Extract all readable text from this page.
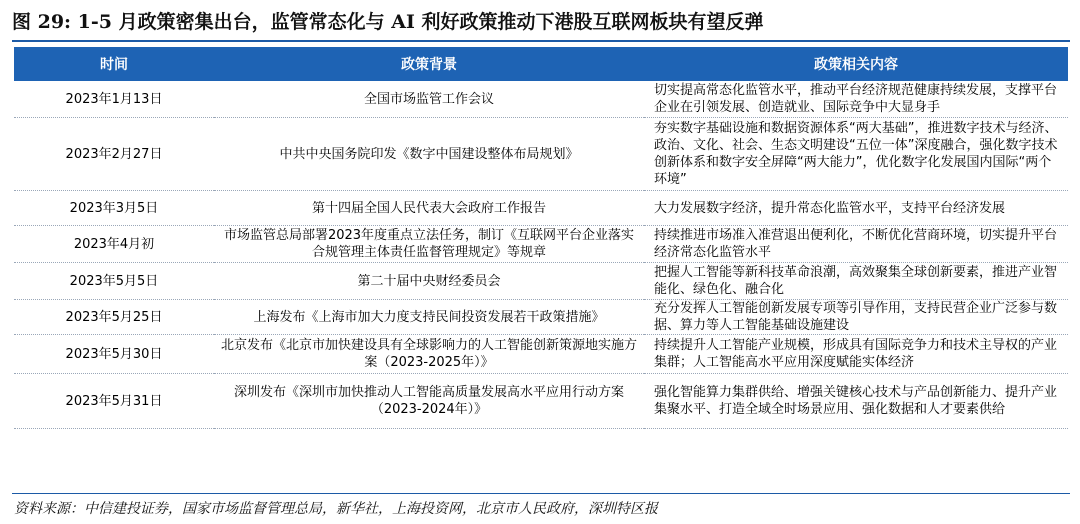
图 29: 1-5 月政策密集出台，监管常态化与 AI 利好政策推动下港股互联网板块有望反弹
时间	政策背景	政策相关内容
2023年1月13日	全国市场监管工作会议	切实提高常态化监管水平，推动平台经济规范健康持续发展，支撑平台企业在引领发展、创造就业、国际竞争中大显身手
2023年2月27日	中共中央国务院印发《数字中国建设整体布局规划》	夯实数字基础设施和数据资源体系“两大基础”，推进数字技术与经济、政治、文化、社会、生态文明建设“五位一体”深度融合，强化数字技术创新体系和数字安全屏障“两大能力”，优化数字化发展国内国际“两个环境”
2023年3月5日	第十四届全国人民代表大会政府工作报告	大力发展数字经济，提升常态化监管水平，支持平台经济发展
2023年4月初	市场监管总局部署2023年度重点立法任务，制订《互联网平台企业落实合规管理主体责任监督管理规定》等规章	持续推进市场准入准营退出便利化，不断优化营商环境，切实提升平台经济常态化监管水平
2023年5月5日	第二十届中央财经委员会	把握人工智能等新科技革命浪潮，高效聚集全球创新要素，推进产业智能化、绿色化、融合化
2023年5月25日	上海发布《上海市加大力度支持民间投资发展若干政策措施》	充分发挥人工智能创新发展专项等引导作用，支持民营企业广泛参与数据、算力等人工智能基础设施建设
2023年5月30日	北京发布《北京市加快建设具有全球影响力的人工智能创新策源地实施方案（2023-2025年）》	持续提升人工智能产业规模，形成具有国际竞争力和技术主导权的产业集群；人工智能高水平应用深度赋能实体经济
2023年5月31日	深圳发布《深圳市加快推动人工智能高质量发展高水平应用行动方案（2023-2024年）》	强化智能算力集群供给、增强关键核心技术与产品创新能力、提升产业集聚水平、打造全域全时场景应用、强化数据和人才要素供给
资料来源：中信建投证券，国家市场监督管理总局，新华社，上海投资网，北京市人民政府，深圳特区报
